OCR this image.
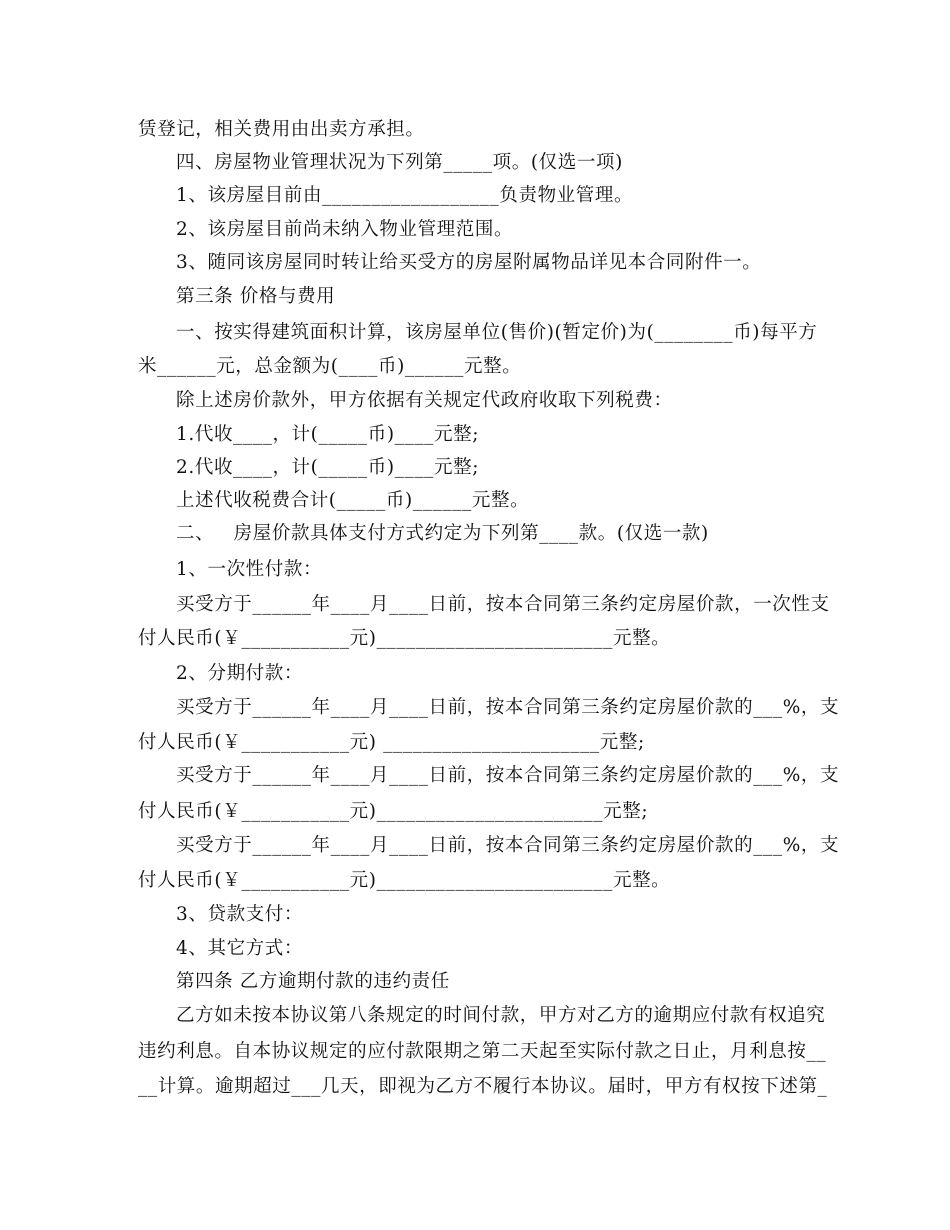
赁登记，相关费用由出卖方承担。
四、房屋物业管理状况为下列第_____项。(仅选一项)
1、该房屋目前由__________________负责物业管理。
2、该房屋目前尚未纳入物业管理范围。
3、随同该房屋同时转让给买受方的房屋附属物品详见本合同附件一。
第三条 价格与费用
一、按实得建筑面积计算，该房屋单位(售价)(暂定价)为(________币)每平方
米______元，总金额为(____币)______元整。
除上述房价款外，甲方依据有关规定代政府收取下列税费：
1.代收____，计(_____币)____元整;
2.代收____，计(_____币)____元整;
上述代收税费合计(_____币)______元整。
二、   房屋价款具体支付方式约定为下列第____款。(仅选一款)
1、一次性付款：
买受方于______年____月____日前，按本合同第三条约定房屋价款，一次性支
付人民币(￥___________元)________________________元整。
2、分期付款：
买受方于______年____月____日前，按本合同第三条约定房屋价款的___%，支
付人民币(￥___________元) ______________________元整;
买受方于______年____月____日前，按本合同第三条约定房屋价款的___%，支
付人民币(￥___________元)_______________________元整;
买受方于______年____月____日前，按本合同第三条约定房屋价款的___%，支
付人民币(￥___________元)________________________元整。
3、贷款支付：
4、其它方式：
第四条 乙方逾期付款的违约责任
乙方如未按本协议第八条规定的时间付款，甲方对乙方的逾期应付款有权追究
违约利息。自本协议规定的应付款限期之第二天起至实际付款之日止，月利息按__
__计算。逾期超过___几天，即视为乙方不履行本协议。届时，甲方有权按下述第_
